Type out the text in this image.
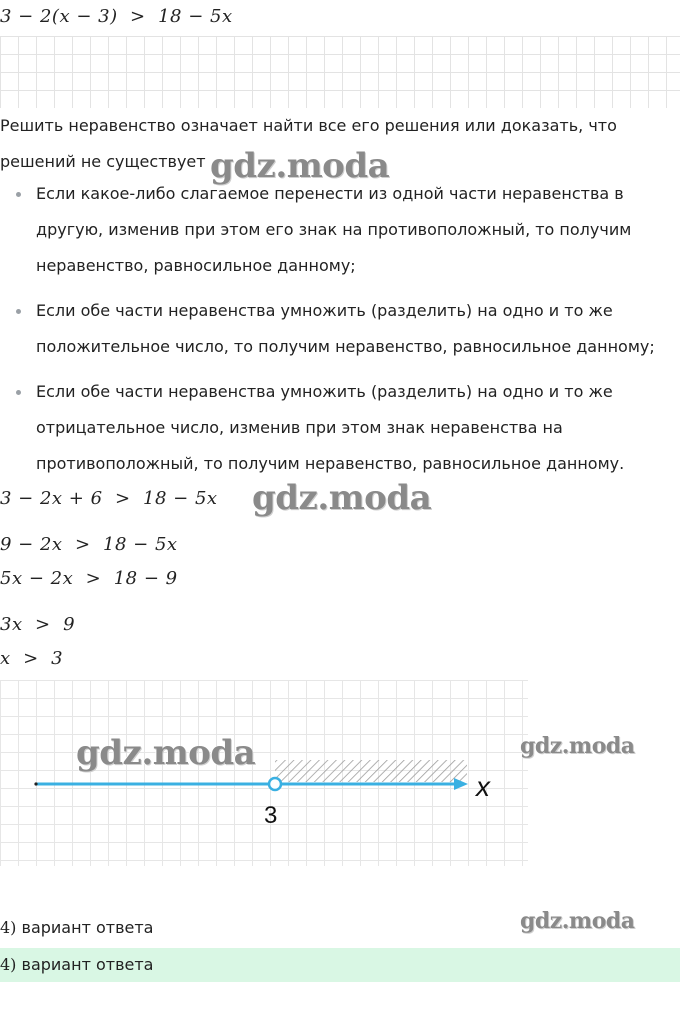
3 − 2(x − 3)  >  18 − 5x
Решить неравенство означает найти все его решения или доказать, что решений не существует
Если какое-либо слагаемое перенести из одной части неравенства в другую, изменив при этом его знак на противоположный, то получим неравенство, равносильное данному;
Если обе части неравенства умножить (разделить) на одно и то же положительное число, то получим неравенство, равносильное данному;
Если обе части неравенства умножить (разделить) на одно и то же отрицательное число, изменив при этом знак неравенства на противоположный, то получим неравенство, равносильное данному.
3 − 2x + 6  >  18 − 5x
9 − 2x  >  18 − 5x
5x − 2x  >  18 − 9
3x  >  9
x  >  3
3
x
4) вариант ответа
4) вариант ответа
gdz.moda
gdz.moda
gdz.moda	gdz.moda
gdz.moda
